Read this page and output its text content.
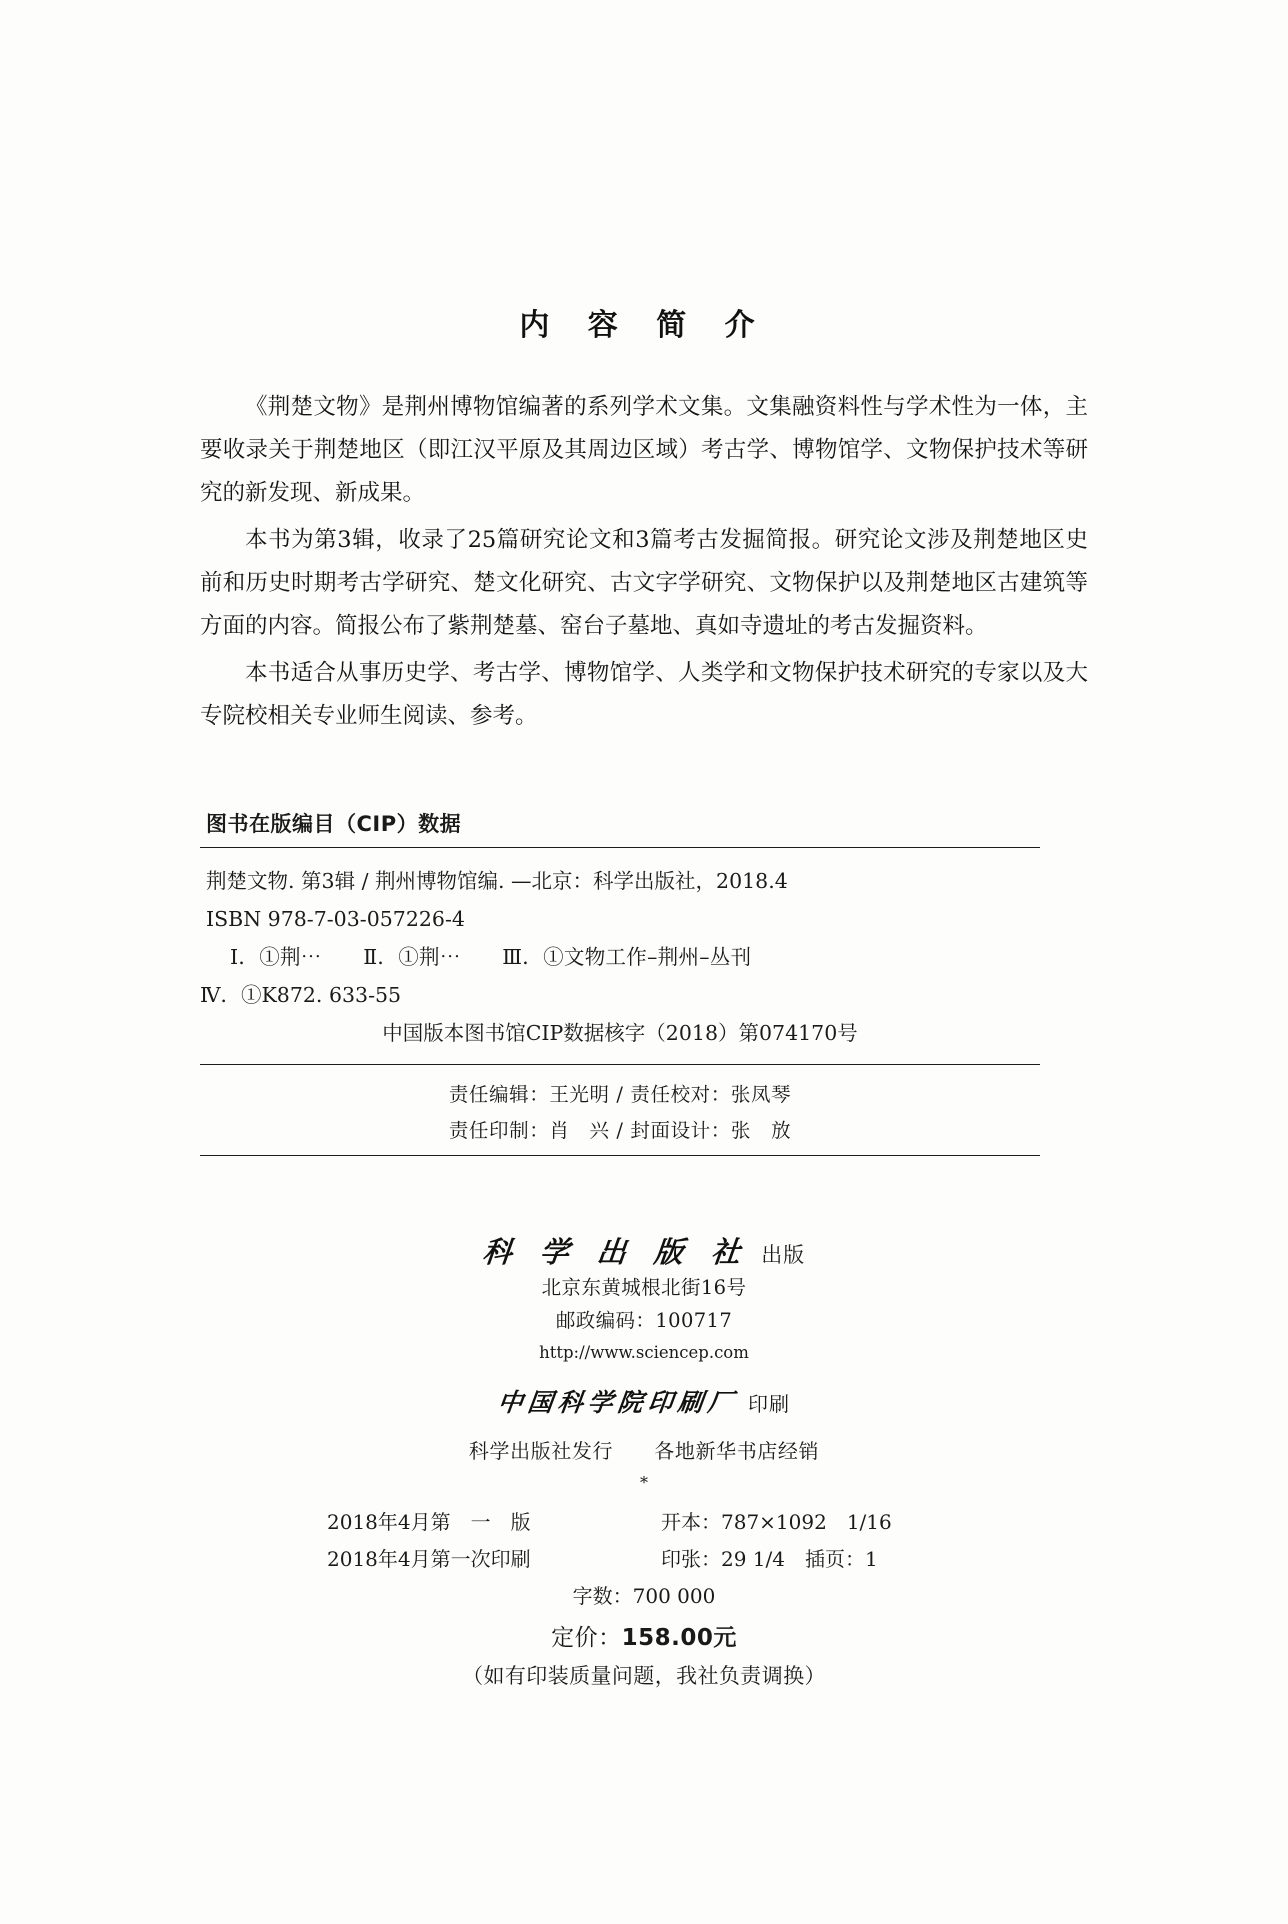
内 容 简 介

《荆楚文物》是荆州博物馆编著的系列学术文集。文集融资料性与学术性为一体，主要收录关于荆楚地区（即江汉平原及其周边区域）考古学、博物馆学、文物保护技术等研究的新发现、新成果。

本书为第3辑，收录了25篇研究论文和3篇考古发掘简报。研究论文涉及荆楚地区史前和历史时期考古学研究、楚文化研究、古文字学研究、文物保护以及荆楚地区古建筑等方面的内容。简报公布了紫荆楚墓、窑台子墓地、真如寺遗址的考古发掘资料。

本书适合从事历史学、考古学、博物馆学、人类学和文物保护技术研究的专家以及大专院校相关专业师生阅读、参考。

图书在版编目（CIP）数据
荆楚文物. 第3辑 / 荆州博物馆编. —北京：科学出版社，2018.4
ISBN 978-7-03-057226-4
Ⅰ．①荆⋯　　Ⅱ．①荆⋯　　Ⅲ．①文物工作–荆州–丛刊
Ⅳ．①K872. 633-55
中国版本图书馆CIP数据核字（2018）第074170号
责任编辑：王光明 / 责任校对：张凤琴
责任印制：肖　兴 / 封面设计：张　放
科 学 出 版 社 出版
北京东黄城根北街16号
邮政编码：100717
http://www.sciencep.com
中国科学院印刷厂 印刷
科学出版社发行　　各地新华书店经销
*
2018年4月第　一　版	开本：787×1092　1/16
2018年4月第一次印刷	印张：29 1/4　插页：1
字数：700 000
定价：158.00元
（如有印装质量问题，我社负责调换）
